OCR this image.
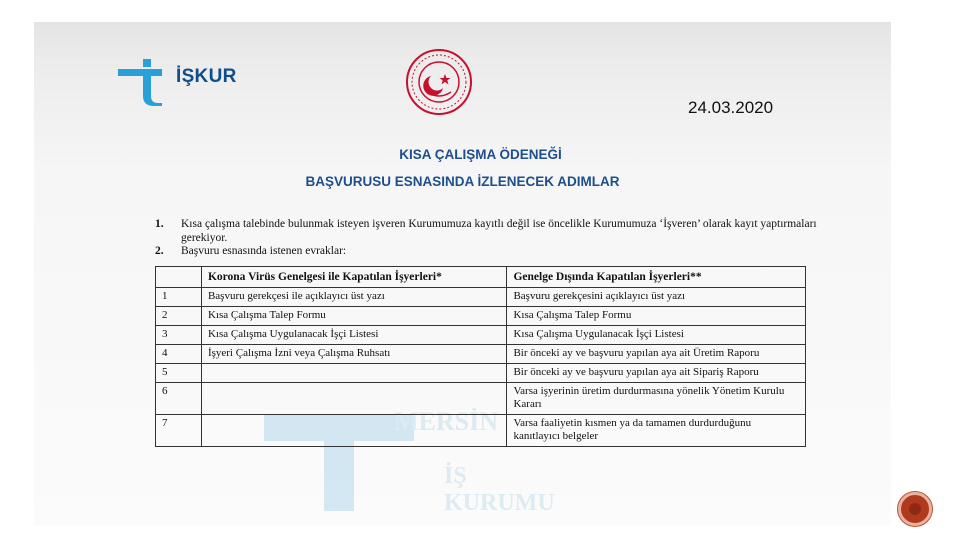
İŞKUR
24.03.2020
KISA ÇALIŞMA ÖDENEĞİ
BAŞVURUSU ESNASINDA İZLENECEK ADIMLAR
1.	Kısa çalışma talebinde bulunmak isteyen işveren Kurumumuza kayıtlı değil ise öncelikle Kurumumuza ‘İşveren’ olarak kayıt yaptırmaları gerekiyor.
2.	Başvuru esnasında istenen evraklar:
MERSİN
İŞ KURUMU
	Korona Virüs Genelgesi ile Kapatılan İşyerleri*	Genelge Dışında Kapatılan İşyerleri**
1	Başvuru gerekçesi ile açıklayıcı üst yazı	Başvuru gerekçesini açıklayıcı üst yazı
2	Kısa Çalışma Talep Formu	Kısa Çalışma Talep Formu
3	Kısa Çalışma Uygulanacak İşçi Listesi	Kısa Çalışma Uygulanacak İşçi Listesi
4	İşyeri Çalışma İzni veya Çalışma Ruhsatı	Bir önceki ay ve başvuru yapılan aya ait Üretim Raporu
5		Bir önceki ay ve başvuru yapılan aya ait Sipariş Raporu
6		Varsa işyerinin üretim durdurmasına yönelik Yönetim Kurulu Kararı
7		Varsa faaliyetin kısmen ya da tamamen durdurduğunu kanıtlayıcı belgeler
